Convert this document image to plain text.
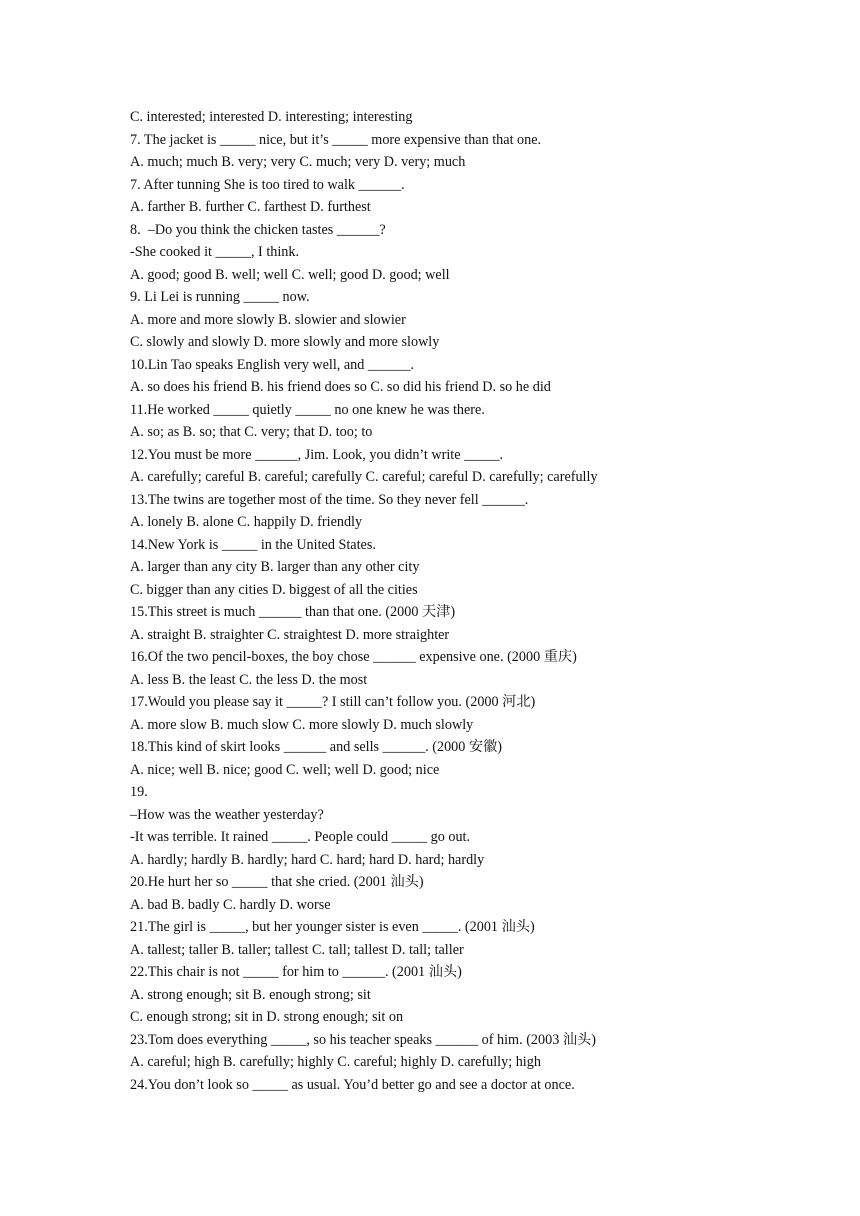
C. interested; interested D. interesting; interesting
7. The jacket is _____ nice, but it’s _____ more expensive than that one.
A. much; much B. very; very C. much; very D. very; much
7. After tunning She is too tired to walk ______.
A. farther B. further C. farthest D. furthest
8.  –Do you think the chicken tastes ______?
-She cooked it _____, I think.
A. good; good B. well; well C. well; good D. good; well
9. Li Lei is running _____ now.
A. more and more slowly B. slowier and slowier
C. slowly and slowly D. more slowly and more slowly
10.Lin Tao speaks English very well, and ______.
A. so does his friend B. his friend does so C. so did his friend D. so he did
11.He worked _____ quietly _____ no one knew he was there.
A. so; as B. so; that C. very; that D. too; to
12.You must be more ______, Jim. Look, you didn’t write _____.
A. carefully; careful B. careful; carefully C. careful; careful D. carefully; carefully
13.The twins are together most of the time. So they never fell ______.
A. lonely B. alone C. happily D. friendly
14.New York is _____ in the United States.
A. larger than any city B. larger than any other city
C. bigger than any cities D. biggest of all the cities
15.This street is much ______ than that one. (2000 天津)
A. straight B. straighter C. straightest D. more straighter
16.Of the two pencil-boxes, the boy chose ______ expensive one. (2000 重庆)
A. less B. the least C. the less D. the most
17.Would you please say it _____? I still can’t follow you. (2000 河北)
A. more slow B. much slow C. more slowly D. much slowly
18.This kind of skirt looks ______ and sells ______. (2000 安徽)
A. nice; well B. nice; good C. well; well D. good; nice
19.
–How was the weather yesterday?
-It was terrible. It rained _____. People could _____ go out.
A. hardly; hardly B. hardly; hard C. hard; hard D. hard; hardly
20.He hurt her so _____ that she cried. (2001 汕头)
A. bad B. badly C. hardly D. worse
21.The girl is _____, but her younger sister is even _____. (2001 汕头)
A. tallest; taller B. taller; tallest C. tall; tallest D. tall; taller
22.This chair is not _____ for him to ______. (2001 汕头)
A. strong enough; sit B. enough strong; sit
C. enough strong; sit in D. strong enough; sit on
23.Tom does everything _____, so his teacher speaks ______ of him. (2003 汕头)
A. careful; high B. carefully; highly C. careful; highly D. carefully; high
24.You don’t look so _____ as usual. You’d better go and see a doctor at once.
